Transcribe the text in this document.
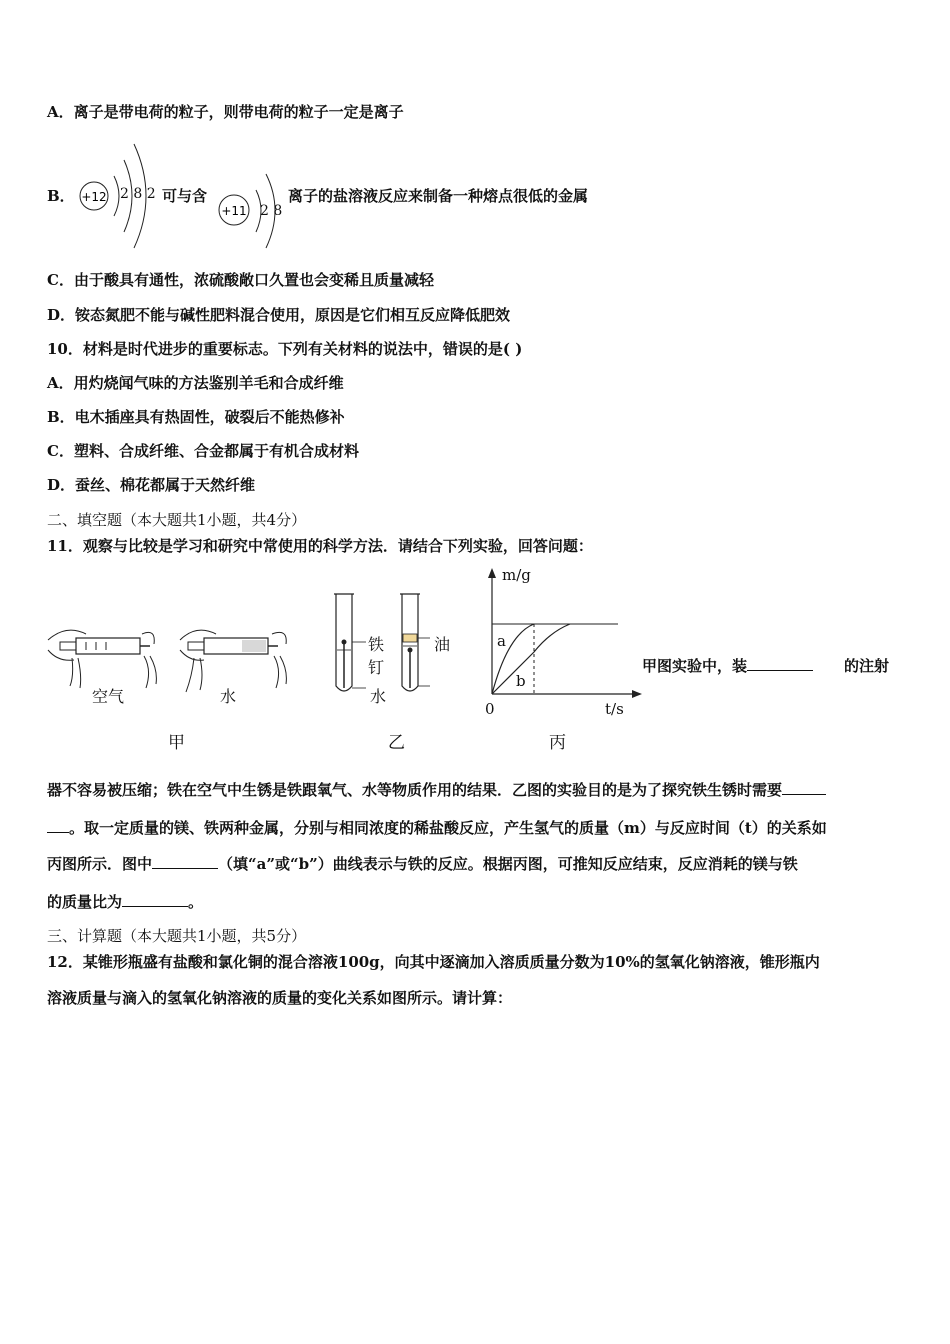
A．离子是带电荷的粒子，则带电荷的粒子一定是离子
B． +12 2 8 2 可与含
+11 2 8
离子的盐溶液反应来制备一种熔点很低的金属
C．由于酸具有通性，浓硫酸敞口久置也会变稀且质量减轻
D．铵态氮肥不能与碱性肥料混合使用，原因是它们相互反应降低肥效
10．材料是时代进步的重要标志。下列有关材料的说法中，错误的是( )
A．用灼烧闻气味的方法鉴别羊毛和合成纤维
B．电木插座具有热固性，破裂后不能热修补
C．塑料、合成纤维、合金都属于有机合成材料
D．蚕丝、棉花都属于天然纤维
二、填空题（本大题共1小题，共4分）
11．观察与比较是学习和研究中常使用的科学方法．请结合下列实验，回答问题：
空气	水
甲
铁
钉
水
油
乙
m/g
t/s
0
a
b
丙
甲图实验中，装	的注射
器不容易被压缩；铁在空气中生锈是铁跟氧气、水等物质作用的结果．乙图的实验目的是为了探究铁生锈时需要
。取一定质量的镁、铁两种金属，分别与相同浓度的稀盐酸反应，产生氢气的质量（m）与反应时间（t）的关系如
丙图所示．图中	（填“a”或“b”）曲线表示与铁的反应。根据丙图，可推知反应结束，反应消耗的镁与铁
的质量比为	。
三、计算题（本大题共1小题，共5分）
12．某锥形瓶盛有盐酸和氯化铜的混合溶液100g，向其中逐滴加入溶质质量分数为10%的氢氧化钠溶液，锥形瓶内
溶液质量与滴入的氢氧化钠溶液的质量的变化关系如图所示。请计算：
